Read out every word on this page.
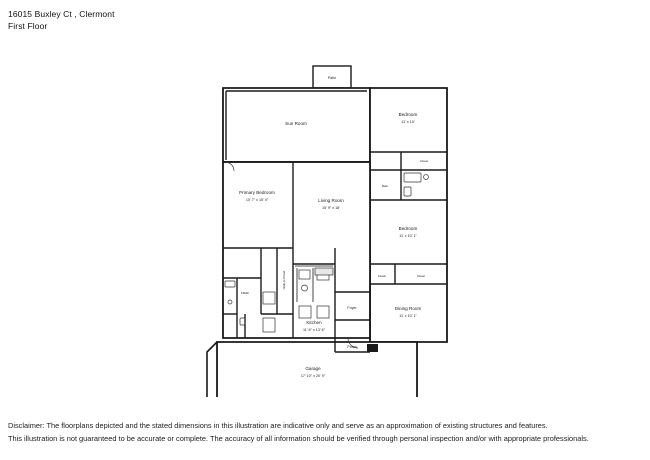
16015 Buxley Ct , Clermont
First Floor
Patio
Sun Room
Bedroom
11' x 10'
Closet
Bath
Primary Bedroom
10' 7" x 15' 4"	Living Room
15' 9" x 18'
Bedroom
11' x 10' 1"
Walk-In Closet
F.Bath
Kitchen
11' 6" x 13' 6"
Foyer
Closet	Closet
Dining Room
11' x 10' 1"
Porch
Garage
17' 10" x 20' 9"
Disclaimer: The floorplans depicted and the stated dimensions in this illustration are indicative only and serve as an approximation of existing structures and features.
This illustration is not guaranteed to be accurate or complete. The accuracy of all information should be verified through personal inspection and/or with appropriate professionals.
